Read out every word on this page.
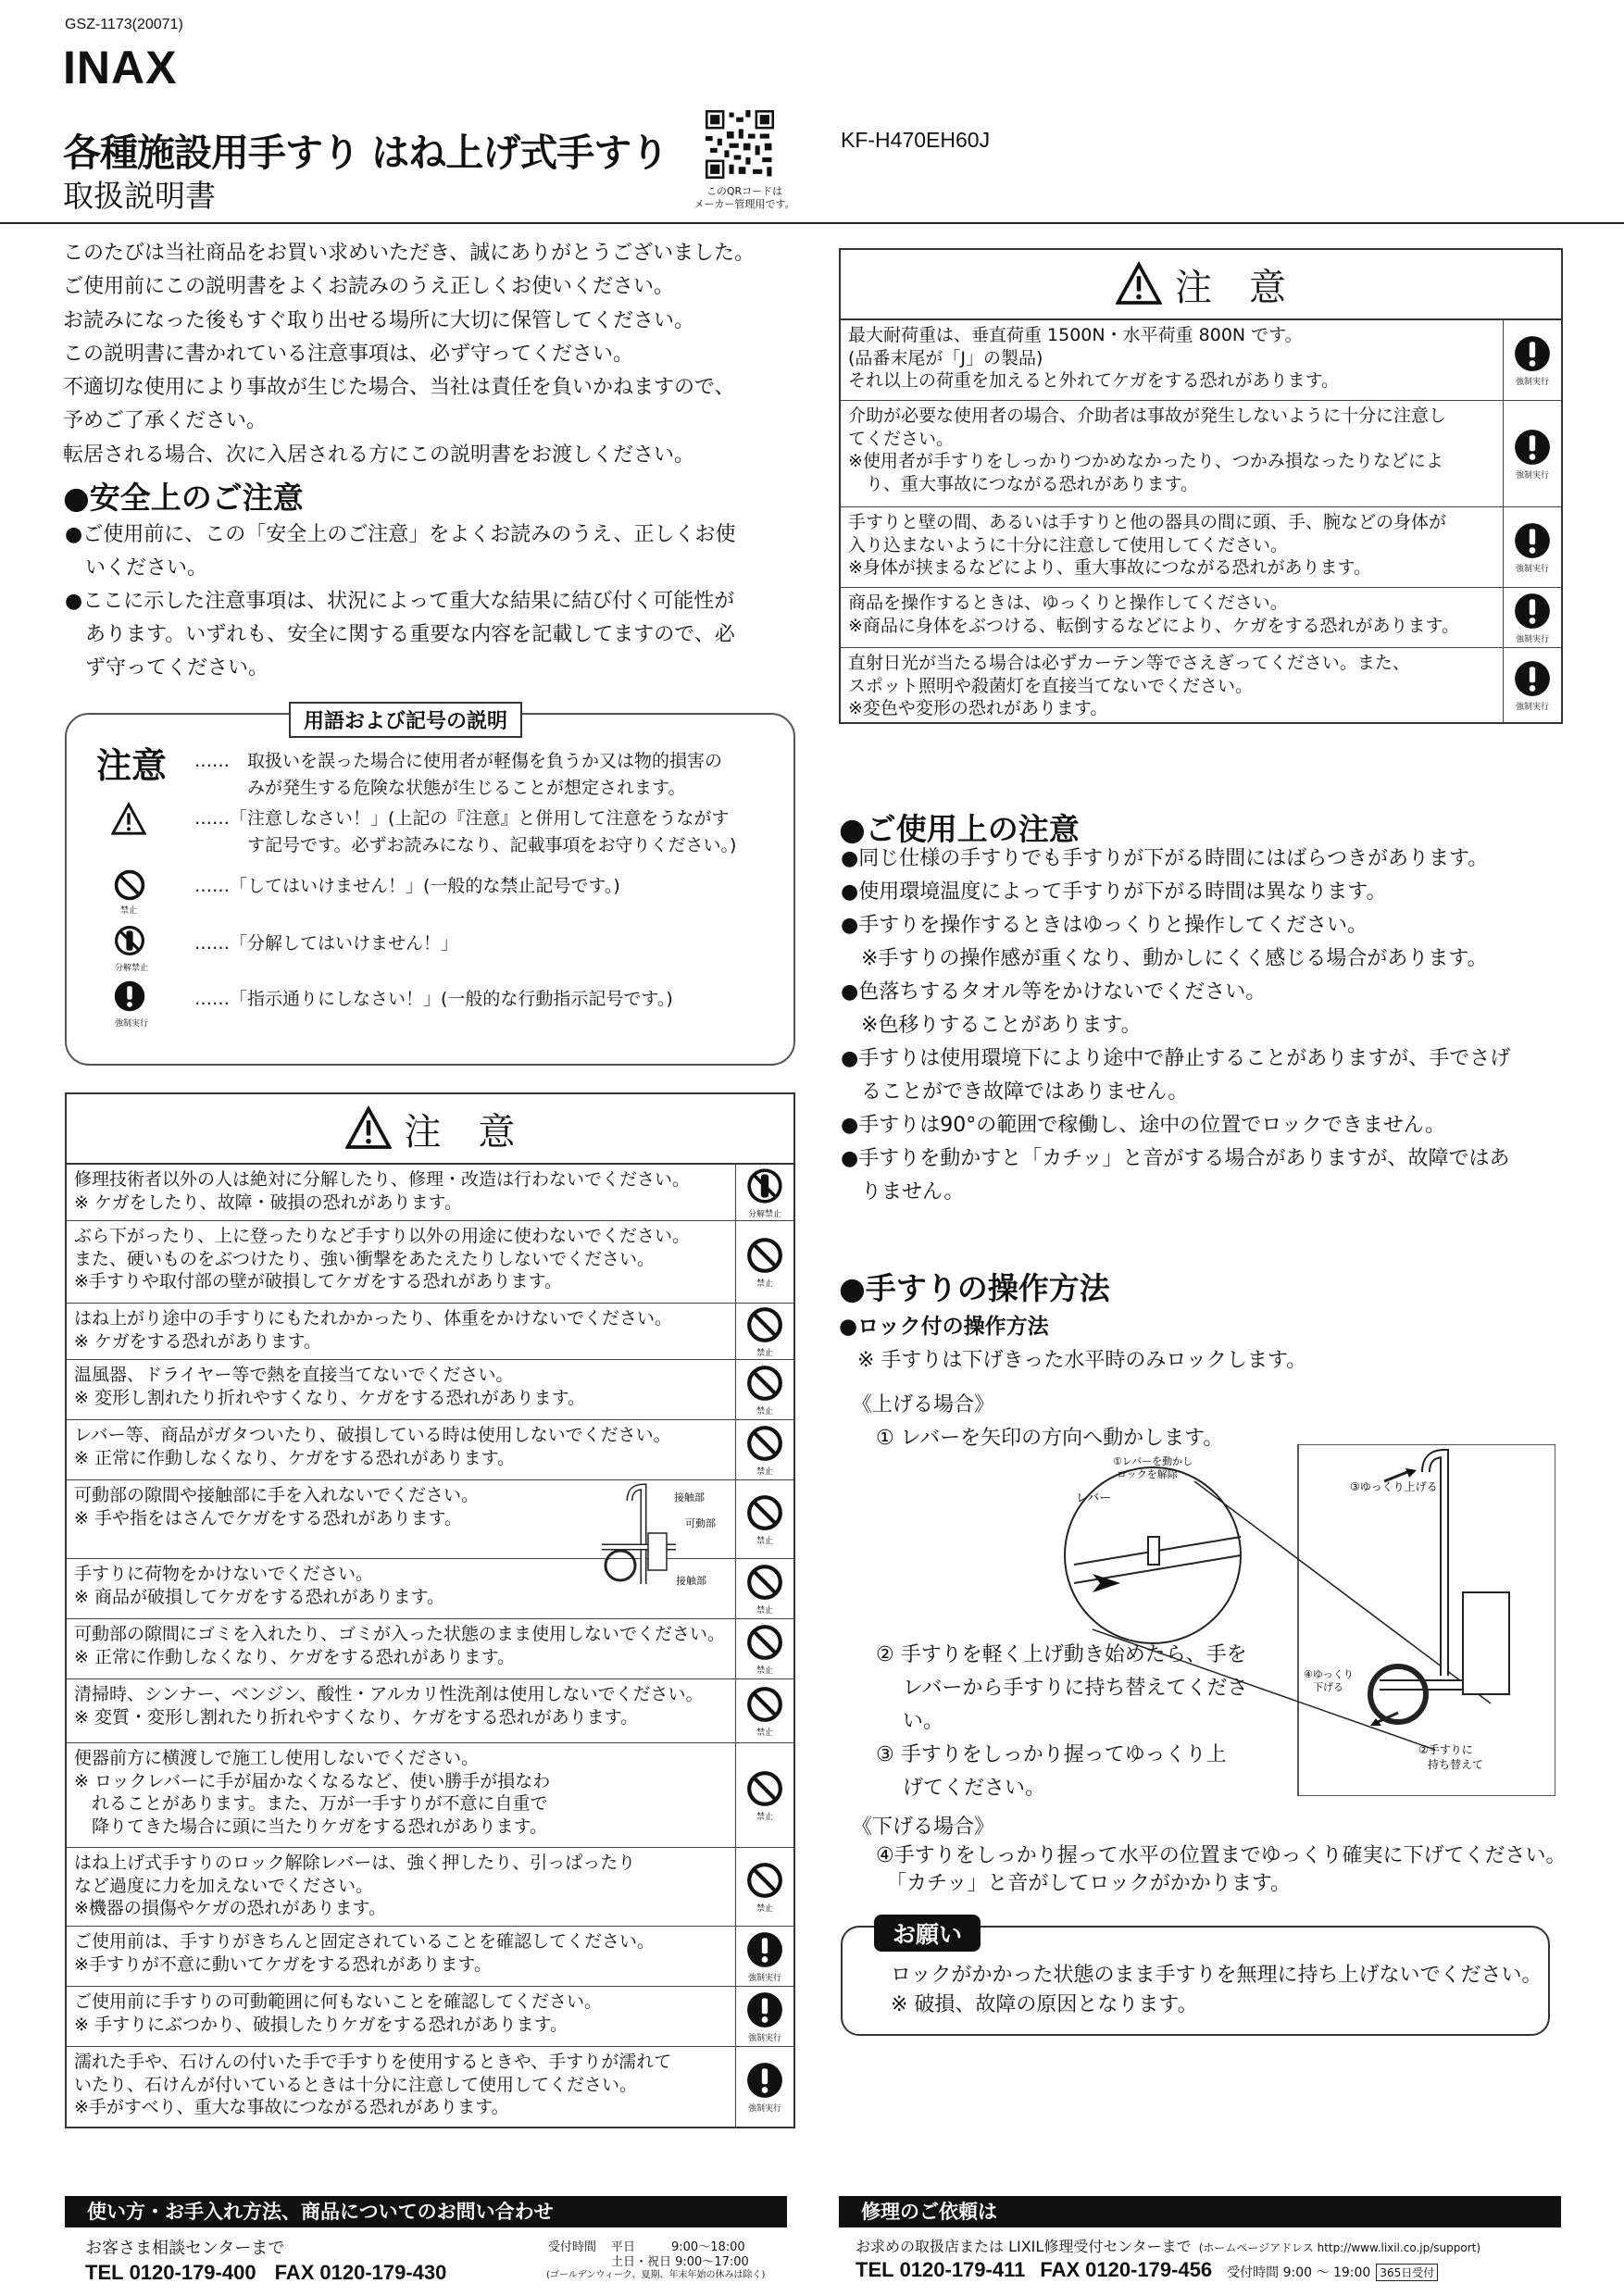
GSZ-1173(20071)
INAX
各種施設用手すり はね上げ式手すり
取扱説明書	このQRコードは
メーカー管理用です。
KF-H470EH60J
このたびは当社商品をお買い求めいただき、誠にありがとうございました。
ご使用前にこの説明書をよくお読みのうえ正しくお使いください。
お読みになった後もすぐ取り出せる場所に大切に保管してください。
この説明書に書かれている注意事項は、必ず守ってください。
不適切な使用により事故が生じた場合、当社は責任を負いかねますので、
予めご了承ください。
転居される場合、次に入居される方にこの説明書をお渡しください。
●安全上のご注意
●ご使用前に、この「安全上のご注意」をよくお読みのうえ、正しくお使
　いください。
●ここに示した注意事項は、状況によって重大な結果に結び付く可能性が
　あります。いずれも、安全に関する重要な内容を記載してますので、必
　ず守ってください。
用語および記号の説明
注意 ……　取扱いを誤った場合に使用者が軽傷を負うか又は物的損害の
　　　みが発生する危険な状態が生じることが想定されます。
……「注意しなさい！」(上記の『注意』と併用して注意をうながす
　　　す記号です。必ずお読みになり、記載事項をお守りください。)
禁止
……「してはいけません！」(一般的な禁止記号です。)
分解禁止
……「分解してはいけません！」
強制実行
……「指示通りにしなさい！」(一般的な行動指示記号です。)
注　意
修理技術者以外の人は絶対に分解したり、修理・改造は行わないでください。
※ ケガをしたり、故障・破損の恐れがあります。
分解禁止
ぶら下がったり、上に登ったりなど手すり以外の用途に使わないでください。
また、硬いものをぶつけたり、強い衝撃をあたえたりしないでください。
※手すりや取付部の壁が破損してケガをする恐れがあります。	禁止
はね上がり途中の手すりにもたれかかったり、体重をかけないでください。
※ ケガをする恐れがあります。
禁止
温風器、ドライヤー等で熱を直接当てないでください。
※ 変形し割れたり折れやすくなり、ケガをする恐れがあります。
禁止
レバー等、商品がガタついたり、破損している時は使用しないでください。
※ 正常に作動しなくなり、ケガをする恐れがあります。
禁止
可動部の隙間や接触部に手を入れないでください。
※ 手や指をはさんでケガをする恐れがあります。
接触部
可動部
接触部
禁止
手すりに荷物をかけないでください。
※ 商品が破損してケガをする恐れがあります。
禁止
可動部の隙間にゴミを入れたり、ゴミが入った状態のまま使用しないでください。
※ 正常に作動しなくなり、ケガをする恐れがあります。
禁止
清掃時、シンナー、ベンジン、酸性・アルカリ性洗剤は使用しないでください。
※ 変質・変形し割れたり折れやすくなり、ケガをする恐れがあります。
禁止
便器前方に横渡しで施工し使用しないでください。
※ ロックレバーに手が届かなくなるなど、使い勝手が損なわ
　れることがあります。また、万が一手すりが不意に自重で
　降りてきた場合に頭に当たりケガをする恐れがあります。	禁止
はね上げ式手すりのロック解除レバーは、強く押したり、引っぱったり
など過度に力を加えないでください。
※機器の損傷やケガの恐れがあります。	禁止
ご使用前は、手すりがきちんと固定されていることを確認してください。
※手すりが不意に動いてケガをする恐れがあります。
強制実行
ご使用前に手すりの可動範囲に何もないことを確認してください。
※ 手すりにぶつかり、破損したりケガをする恐れがあります。
強制実行
濡れた手や、石けんの付いた手で手すりを使用するときや、手すりが濡れて
いたり、石けんが付いているときは十分に注意して使用してください。
※手がすべり、重大な事故につながる恐れがあります。	強制実行
注　意
最大耐荷重は、垂直荷重 1500N・水平荷重 800N です。
(品番末尾が「J」の製品)
それ以上の荷重を加えると外れてケガをする恐れがあります。	強制実行
介助が必要な使用者の場合、介助者は事故が発生しないように十分に注意し
てください。
※使用者が手すりをしっかりつかめなかったり、つかみ損なったりなどによ
　り、重大事故につながる恐れがあります。	強制実行
手すりと壁の間、あるいは手すりと他の器具の間に頭、手、腕などの身体が
入り込まないように十分に注意して使用してください。
※身体が挟まるなどにより、重大事故につながる恐れがあります。	強制実行
商品を操作するときは、ゆっくりと操作してください。
※商品に身体をぶつける、転倒するなどにより、ケガをする恐れがあります。
強制実行
直射日光が当たる場合は必ずカーテン等でさえぎってください。また、
スポット照明や殺菌灯を直接当てないでください。
※変色や変形の恐れがあります。	強制実行
●ご使用上の注意
●同じ仕様の手すりでも手すりが下がる時間にはばらつきがあります。
●使用環境温度によって手すりが下がる時間は異なります。
●手すりを操作するときはゆっくりと操作してください。
　※手すりの操作感が重くなり、動かしにくく感じる場合があります。
●色落ちするタオル等をかけないでください。
　※色移りすることがあります。
●手すりは使用環境下により途中で静止することがありますが、手でさげ
　ることができ故障ではありません。
●手すりは90°の範囲で稼働し、途中の位置でロックできません。
●手すりを動かすと「カチッ」と音がする場合がありますが、故障ではあ
　りません。
●手すりの操作方法
●ロック付の操作方法
※ 手すりは下げきった水平時のみロックします。
《上げる場合》
① レバーを矢印の方向へ動かします。
② 手すりを軽く上げ動き始めたら、手を
　 レバーから手すりに持ち替えてくださ
　 い。
③ 手すりをしっかり握ってゆっくり上
　 げてください。
《下げる場合》
④手すりをしっかり握って水平の位置までゆっくり確実に下げてください。
　「カチッ」と音がしてロックがかかります。
①レバーを動かし
ロックを解除
レバー
③ゆっくり上げる
④ゆっくり
下げる
②手すりに
持ち替えて
お願い
ロックがかかった状態のまま手すりを無理に持ち上げないでください。
※ 破損、故障の原因となります。
使い方・お手入れ方法、商品についてのお問い合わせ
お客さま相談センターまで
TEL 0120-179-400 FAX 0120-179-430
受付時間 平日　　　9:00～18:00
土日・祝日 9:00～17:00
(ゴールデンウィーク、夏期、年末年始の休みは除く)
修理のご依頼は
お求めの取扱店または LIXIL修理受付センターまで (ホームページアドレス http://www.lixil.co.jp/support)
TEL 0120-179-411 FAX 0120-179-456 受付時間 9:00 ～ 19:00 365日受付
